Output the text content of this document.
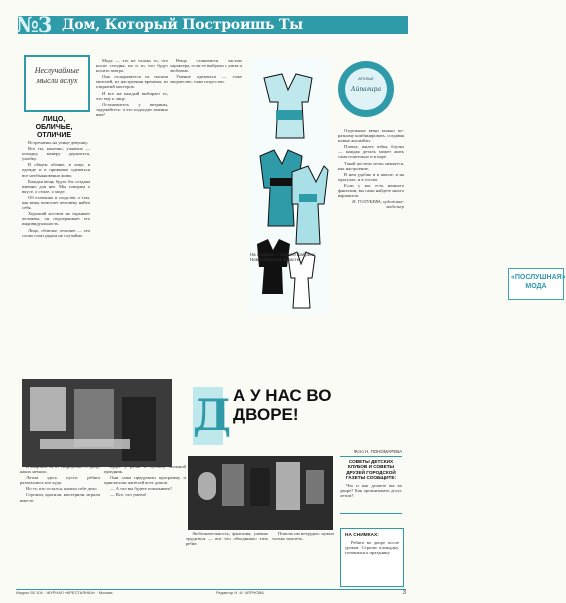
№3 Дом, Который Построишь Ты
Неслучайные мысли вслух
ЛИЦО, ОБЛИЧЬЕ, ОТЛИЧИЕ

Встречаешь на улице девушку.

Все ты, конечно, узнаешь — походку, манеру держаться, улыбку.

В общем облике, в лице, в одежде и в привычке одеваться все необыкновенно живо.

Каждая вещь будто бы создана именно для нее. Мы говорим о вкусе, о стиле, о моде.

Об отличиях и сходстве, о том, как вещь помогает человеку найти себя.

Хороший костюм не скрывает человека, он подчеркивает его индивидуальность.

Лицо, обличье, отличие — эти слова стоят рядом не случайно.

Мода — это не только то, что носят сегодня, но и то, что будут носить завтра.

Она складывается из тысячи мелочей, из настроения времени, из открытий мастеров.

И все же каждый выбирает то, что ему к лицу.

Остановитесь у витрины, задумайтесь: а что подходит именно вам?

Вещь становится частью характера, если ее выбрали с умом и любовью.

Умение одеваться — тоже творчество, тоже искусство.

«ПОСЛУШНАЯ» МОДА
На снимках — модели фабрики Новосибирской области
АТЕЛЬЕ
Айпагира

Отдельные вещи можно по-разному комбинировать, создавая новые ансамбли.

Платье, жилет, юбка, блузка — каждая деталь может жить самостоятельно и в паре.

Такой костюм легко меняется, как настроение.

В нем удобно и в школе, и на прогулке, и в гостях.

Если у вас есть немного фантазии, вы сами найдете много вариантов.

Н. ГОЛУБЕВА, художник-модельер

Д А У НАС ВО ДВОРЕ!

В квартале № 27 Лефортово — двор, каких немало.

Летом здесь пусто: ребята разъехались кто куда.

Но те, кто остался, нашли себе дело.

Строили, красили, мастерили, играли вместе.

Будет у ребят в субботу большой праздник.

Они сами придумали программу и пригласили жителей всех домов.

— А что вы будете показывать?

— Все, что умеем!

Фото Н. ПОНОМАРЕВА

Любознательность, фантазия, умение трудиться — вот что объединило этих ребят.

Помочь им нетрудно: нужно только захотеть.

СОВЕТЫ ДЕТСКИХ КЛУБОВ И СОВЕТЫ ДРУЗЕЙ ГОРОДСКОЙ ГАЗЕТЫ СООБЩИТЕ:

Что и как делаете вы во дворе? Как организовать досуг летом?

НА СНИМКАХ:

Ребята во дворе после уроков. Строим площадку, готовимся к празднику.

Индекс 50 104 · ЖУРНАЛ «КРЕСТЬЯНКА» · Москва	Редактор Н. И. ЧЕРНОВА	3
